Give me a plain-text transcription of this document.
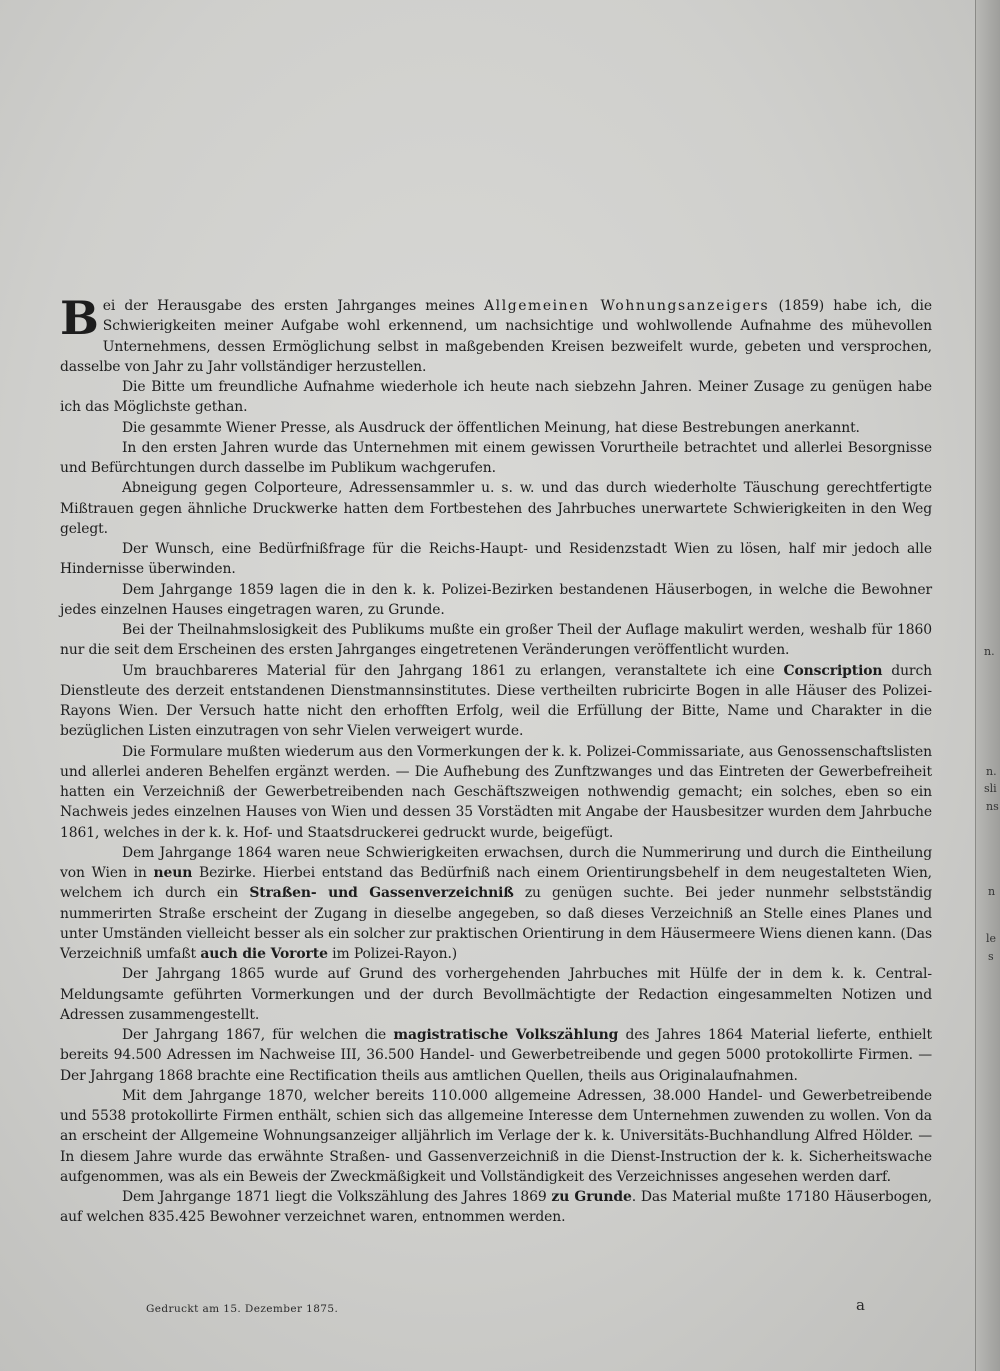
n.
n.
sli
ns
n
le
s

Bei der Herausgabe des ersten Jahrganges meines Allgemeinen Wohnungsanzeigers (1859) habe ich, die Schwierigkeiten meiner Aufgabe wohl erkennend, um nachsichtige und wohlwollende Aufnahme des mühevollen Unternehmens, dessen Ermöglichung selbst in maßgebenden Kreisen bezweifelt wurde, gebeten und versprochen, dasselbe von Jahr zu Jahr vollständiger herzustellen.

Die Bitte um freundliche Aufnahme wiederhole ich heute nach siebzehn Jahren. Meiner Zusage zu genügen habe ich das Möglichste gethan.

Die gesammte Wiener Presse, als Ausdruck der öffentlichen Meinung, hat diese Bestrebungen anerkannt.

In den ersten Jahren wurde das Unternehmen mit einem gewissen Vorurtheile betrachtet und allerlei Besorgnisse und Befürchtungen durch dasselbe im Publikum wachgerufen.

Abneigung gegen Colporteure, Adressensammler u. s. w. und das durch wiederholte Täuschung gerechtfertigte Mißtrauen gegen ähnliche Druckwerke hatten dem Fortbestehen des Jahrbuches unerwartete Schwierigkeiten in den Weg gelegt.

Der Wunsch, eine Bedürfnißfrage für die Reichs-Haupt- und Residenzstadt Wien zu lösen, half mir jedoch alle Hindernisse überwinden.

Dem Jahrgange 1859 lagen die in den k. k. Polizei-Bezirken bestandenen Häuserbogen, in welche die Bewohner jedes einzelnen Hauses eingetragen waren, zu Grunde.

Bei der Theilnahmslosigkeit des Publikums mußte ein großer Theil der Auflage makulirt werden, weshalb für 1860 nur die seit dem Erscheinen des ersten Jahrganges eingetretenen Veränderungen veröffentlicht wurden.

Um brauchbareres Material für den Jahrgang 1861 zu erlangen, veranstaltete ich eine Conscription durch Dienstleute des derzeit entstandenen Dienstmannsinstitutes. Diese vertheilten rubricirte Bogen in alle Häuser des Polizei-Rayons Wien. Der Versuch hatte nicht den erhofften Erfolg, weil die Erfüllung der Bitte, Name und Charakter in die bezüglichen Listen einzutragen von sehr Vielen verweigert wurde.

Die Formulare mußten wiederum aus den Vormerkungen der k. k. Polizei-Commissariate, aus Genossenschaftslisten und allerlei anderen Behelfen ergänzt werden. — Die Aufhebung des Zunftzwanges und das Eintreten der Gewerbefreiheit hatten ein Verzeichniß der Gewerbetreibenden nach Geschäftszweigen nothwendig gemacht; ein solches, eben so ein Nachweis jedes einzelnen Hauses von Wien und dessen 35 Vorstädten mit Angabe der Hausbesitzer wurden dem Jahrbuche 1861, welches in der k. k. Hof- und Staatsdruckerei gedruckt wurde, beigefügt.

Dem Jahrgange 1864 waren neue Schwierigkeiten erwachsen, durch die Nummerirung und durch die Eintheilung von Wien in neun Bezirke. Hierbei entstand das Bedürfniß nach einem Orientirungsbehelf in dem neugestalteten Wien, welchem ich durch ein Straßen- und Gassenverzeichniß zu genügen suchte. Bei jeder nunmehr selbstständig nummerirten Straße erscheint der Zugang in dieselbe angegeben, so daß dieses Verzeichniß an Stelle eines Planes und unter Umständen vielleicht besser als ein solcher zur praktischen Orientirung in dem Häusermeere Wiens dienen kann. (Das Verzeichniß umfaßt auch die Vororte im Polizei-Rayon.)

Der Jahrgang 1865 wurde auf Grund des vorhergehenden Jahrbuches mit Hülfe der in dem k. k. Central-Meldungsamte geführten Vormerkungen und der durch Bevollmächtigte der Redaction eingesammelten Notizen und Adressen zusammengestellt.

Der Jahrgang 1867, für welchen die magistratische Volkszählung des Jahres 1864 Material lieferte, enthielt bereits 94.500 Adressen im Nachweise III, 36.500 Handel- und Gewerbetreibende und gegen 5000 protokollirte Firmen. — Der Jahrgang 1868 brachte eine Rectification theils aus amtlichen Quellen, theils aus Originalaufnahmen.

Mit dem Jahrgange 1870, welcher bereits 110.000 allgemeine Adressen, 38.000 Handel- und Gewerbetreibende und 5538 protokollirte Firmen enthält, schien sich das allgemeine Interesse dem Unternehmen zuwenden zu wollen. Von da an erscheint der Allgemeine Wohnungsanzeiger alljährlich im Verlage der k. k. Universitäts-Buchhandlung Alfred Hölder. — In diesem Jahre wurde das erwähnte Straßen- und Gassenverzeichniß in die Dienst-Instruction der k. k. Sicherheitswache aufgenommen, was als ein Beweis der Zweckmäßigkeit und Vollständigkeit des Verzeichnisses angesehen werden darf.

Dem Jahrgange 1871 liegt die Volkszählung des Jahres 1869 zu Grunde. Das Material mußte 17180 Häuserbogen, auf welchen 835.425 Bewohner verzeichnet waren, entnommen werden.

Gedruckt am 15. Dezember 1875.	a
